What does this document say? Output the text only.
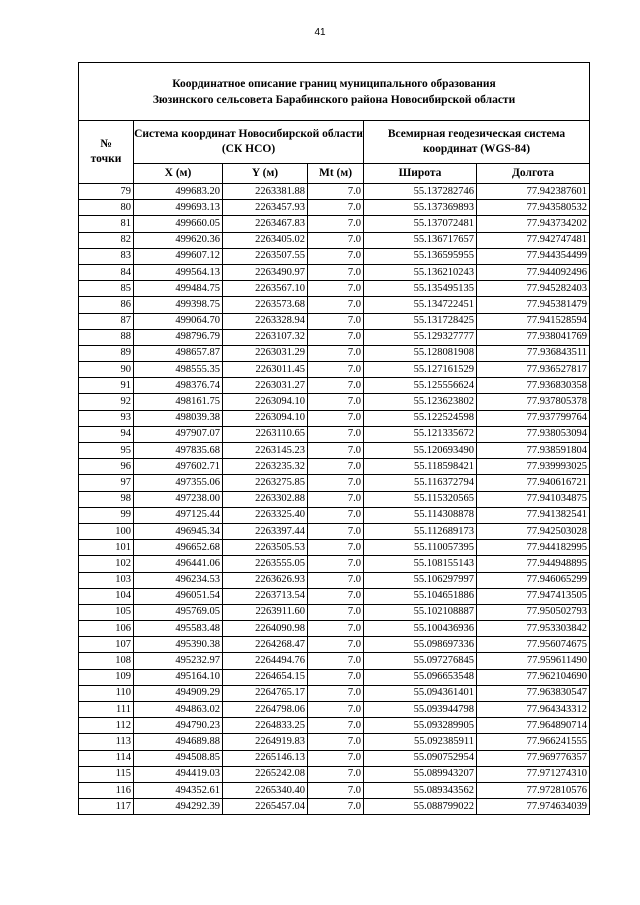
41
Координатное описание границ муниципального образования
Зюзинского сельсовета Барабинского района Новосибирской области					

№
точки	Система координат Новосибирской области (СК НСО)			Всемирная геодезическая система координат (WGS-84)	
	X (м)	Y (м)	Mt (м)	Широта	Долгота
79	499683.20	2263381.88	7.0	55.137282746	77.942387601
80	499693.13	2263457.93	7.0	55.137369893	77.943580532
81	499660.05	2263467.83	7.0	55.137072481	77.943734202
82	499620.36	2263405.02	7.0	55.136717657	77.942747481
83	499607.12	2263507.55	7.0	55.136595955	77.944354499
84	499564.13	2263490.97	7.0	55.136210243	77.944092496
85	499484.75	2263567.10	7.0	55.135495135	77.945282403
86	499398.75	2263573.68	7.0	55.134722451	77.945381479
87	499064.70	2263328.94	7.0	55.131728425	77.941528594
88	498796.79	2263107.32	7.0	55.129327777	77.938041769
89	498657.87	2263031.29	7.0	55.128081908	77.936843511
90	498555.35	2263011.45	7.0	55.127161529	77.936527817
91	498376.74	2263031.27	7.0	55.125556624	77.936830358
92	498161.75	2263094.10	7.0	55.123623802	77.937805378
93	498039.38	2263094.10	7.0	55.122524598	77.937799764
94	497907.07	2263110.65	7.0	55.121335672	77.938053094
95	497835.68	2263145.23	7.0	55.120693490	77.938591804
96	497602.71	2263235.32	7.0	55.118598421	77.939993025
97	497355.06	2263275.85	7.0	55.116372794	77.940616721
98	497238.00	2263302.88	7.0	55.115320565	77.941034875
99	497125.44	2263325.40	7.0	55.114308878	77.941382541
100	496945.34	2263397.44	7.0	55.112689173	77.942503028
101	496652.68	2263505.53	7.0	55.110057395	77.944182995
102	496441.06	2263555.05	7.0	55.108155143	77.944948895
103	496234.53	2263626.93	7.0	55.106297997	77.946065299
104	496051.54	2263713.54	7.0	55.104651886	77.947413505
105	495769.05	2263911.60	7.0	55.102108887	77.950502793
106	495583.48	2264090.98	7.0	55.100436936	77.953303842
107	495390.38	2264268.47	7.0	55.098697336	77.956074675
108	495232.97	2264494.76	7.0	55.097276845	77.959611490
109	495164.10	2264654.15	7.0	55.096653548	77.962104690
110	494909.29	2264765.17	7.0	55.094361401	77.963830547
111	494863.02	2264798.06	7.0	55.093944798	77.964343312
112	494790.23	2264833.25	7.0	55.093289905	77.964890714
113	494689.88	2264919.83	7.0	55.092385911	77.966241555
114	494508.85	2265146.13	7.0	55.090752954	77.969776357
115	494419.03	2265242.08	7.0	55.089943207	77.971274310
116	494352.61	2265340.40	7.0	55.089343562	77.972810576
117	494292.39	2265457.04	7.0	55.088799022	77.974634039
